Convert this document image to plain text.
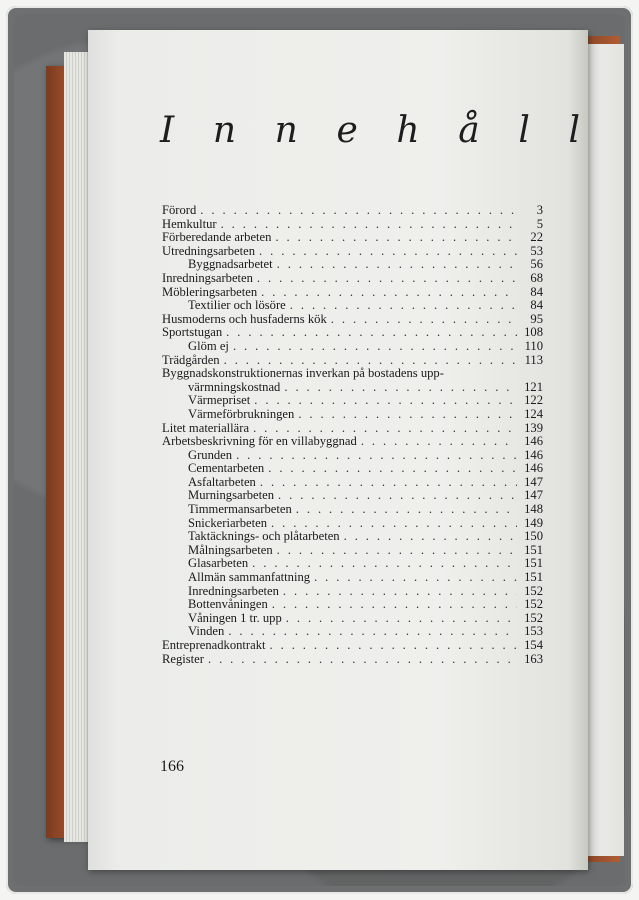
I n n e h å l l
Förord . . .	3
Hemkultur . . .	5
Förberedande arbeten . . .	22
Utredningsarbeten . . .	53
Byggnadsarbetet . . .	56
Inredningsarbeten . . .	68
Möbleringsarbeten . . .	84
Textilier och lösöre . . .	84
Husmoderns och husfaderns kök . . .	95
Sportstugan . . .	108
Glöm ej . . .	110
Trädgården . . .	113
Byggnadskonstruktionernas inverkan på bostadens upp-
värmningskostnad . . .	121
Värmepriset . . .	122
Värmeförbrukningen . . .	124
Litet materiallära . . .	139
Arbetsbeskrivning för en villabyggnad . . .	146
Grunden . . .	146
Cementarbeten . . .	146
Asfaltarbeten . . .	147
Murningsarbeten . . .	147
Timmermansarbeten . . .	148
Snickeriarbeten . . .	149
Taktäcknings- och plåtarbeten . . .	150
Målningsarbeten . . .	151
Glasarbeten . . .	151
Allmän sammanfattning . . .	151
Inredningsarbeten . . .	152
Bottenvåningen . . .	152
Våningen 1 tr. upp . . .	152
Vinden . . .	153
Entreprenadkontrakt . . .	154
Register . . .	163
166
